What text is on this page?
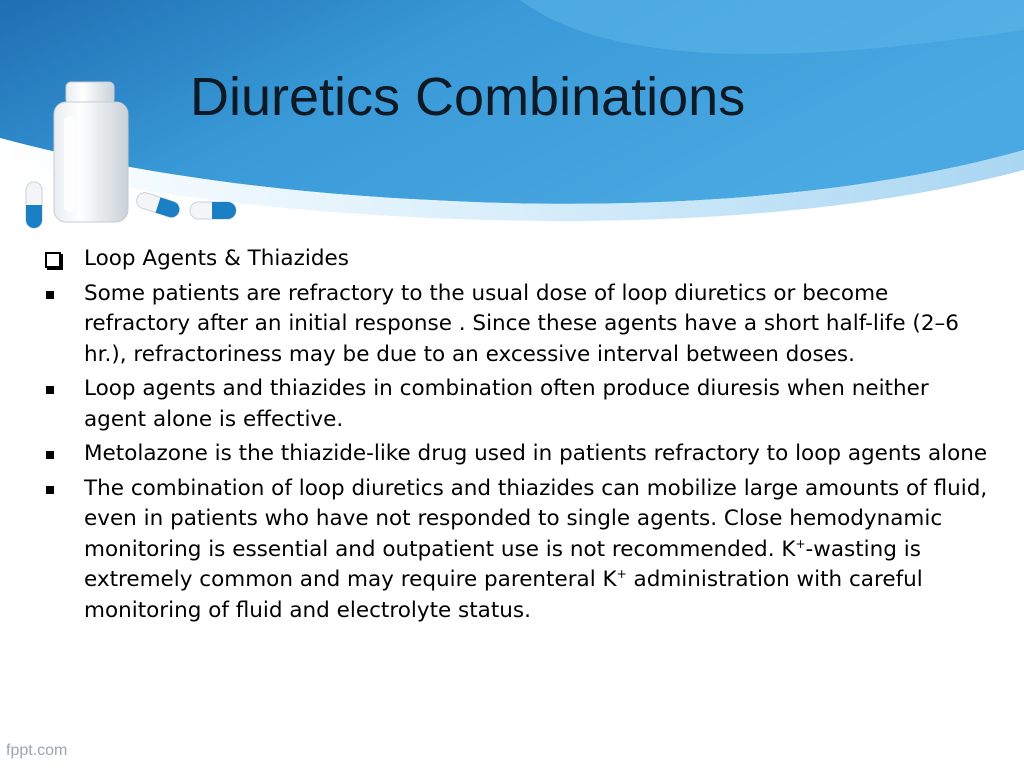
Diuretics Combinations
Loop Agents & Thiazides
Some patients are refractory to the usual dose of loop diuretics or become refractory after an initial response . Since these agents have a short half-life (2–6 hr.), refractoriness may be due to an excessive interval between doses.
Loop agents and thiazides in combination often produce diuresis when neither agent alone is effective.
Metolazone is the thiazide-like drug used in patients refractory to loop agents alone
The combination of loop diuretics and thiazides can mobilize large amounts of fluid, even in patients who have not responded to single agents. Close hemodynamic monitoring is essential and outpatient use is not recommended. K+-wasting is extremely common and may require parenteral K+ administration with careful monitoring of fluid and electrolyte status.
fppt.com
